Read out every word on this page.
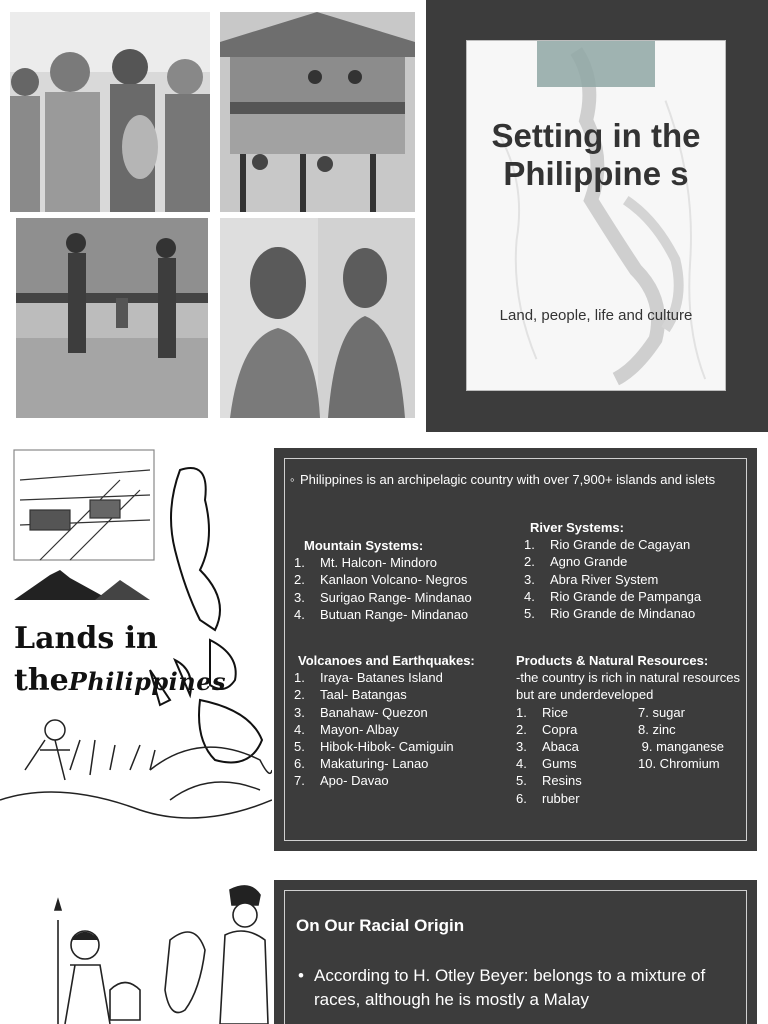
Setting in the Philippine s
Land, people, life and culture
Lands in
thePhilippines
◦ Philippines is an archipelagic country with over 7,900+ islands and islets
Mountain Systems:
1.	Mt. Halcon- Mindoro
2.	Kanlaon Volcano- Negros
3.	Surigao Range- Mindanao
4.	Butuan Range- Mindanao
River Systems:
1.	Rio Grande de Cagayan
2.	Agno Grande
3.	Abra River System
4.	Rio Grande de Pampanga
5.	Rio Grande de Mindanao
Volcanoes and Earthquakes:
1.	Iraya- Batanes Island
2.	Taal- Batangas
3.	Banahaw- Quezon
4.	Mayon- Albay
5.	Hibok-Hibok- Camiguin
6.	Makaturing- Lanao
7.	Apo- Davao
Products & Natural Resources:
-the country is rich in natural resources but are underdeveloped
1.	Rice
2.	Copra
3.	Abaca
4.	Gums
5.	Resins
6.	rubber
7. sugar
8. zinc
9. manganese
10. Chromium
On Our Racial Origin
• According to H. Otley Beyer: belongs to a mixture of races, although he is mostly a Malay
